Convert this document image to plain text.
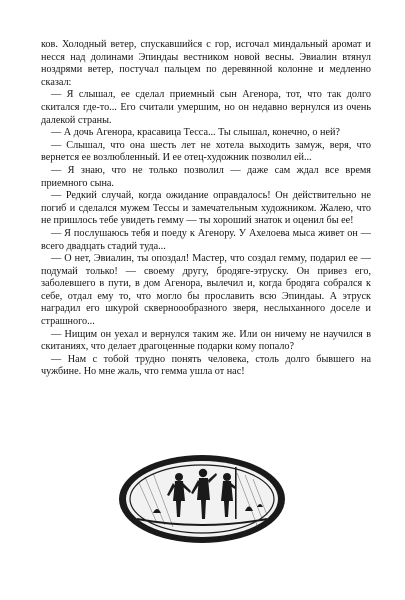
ков. Холодный ветер, спускавшийся с гор, исгочал миндальный аромат и несся над долинами Эпиндаы вестником новой весны. Эвиалин втянул ноздрями ветер, постучал пальцем по деревянной колонне и медленно сказал:

— Я слышал, ее сделал приемный сын Агенора, тот, что так долго скитался где-то... Его считали умершим, но он недавно вернулся из очень далекой страны.

— А дочь Агенора, красавица Тесса... Ты слышал, конечно, о ней?

— Слышал, что она шесть лет не хотела выходить замуж, веря, что вернется ее возлюбленный. И ее отец-художник позволил ей...

— Я знаю, что не только позволил — даже сам ждал все время приемного сына.

— Редкий случай, когда ожидание оправдалось! Он действительно не погиб и сделался мужем Тессы и замечательным художником. Жалею, что не пришлось тебе увидеть гемму — ты хороший знаток и оценил бы ее!

— Я послушаюсь тебя и поеду к Агенору. У Ахелоева мыса живет он — всего двадцать стадий туда...

— О нет, Эвиалин, ты опоздал! Мастер, что создал гемму, подарил ее — подумай только! — своему другу, бродяге-этруску. Он привез его, заболевшего в пути, в дом Агенора, вылечил и, когда бродяга собрался к себе, отдал ему то, что могло бы прославить всю Эпиндаы. А этруск наградил его шкурой скверноообразного зверя, неслыханного доселе и страшного...

— Нищим он уехал и вернулся таким же. Или он ничему не научился в скитаниях, что делает драгоценные подарки кому попало?

— Нам с тобой трудно понять человека, столь долго бывшего на чужбине. Но мне жаль, что гемма ушла от нас!
